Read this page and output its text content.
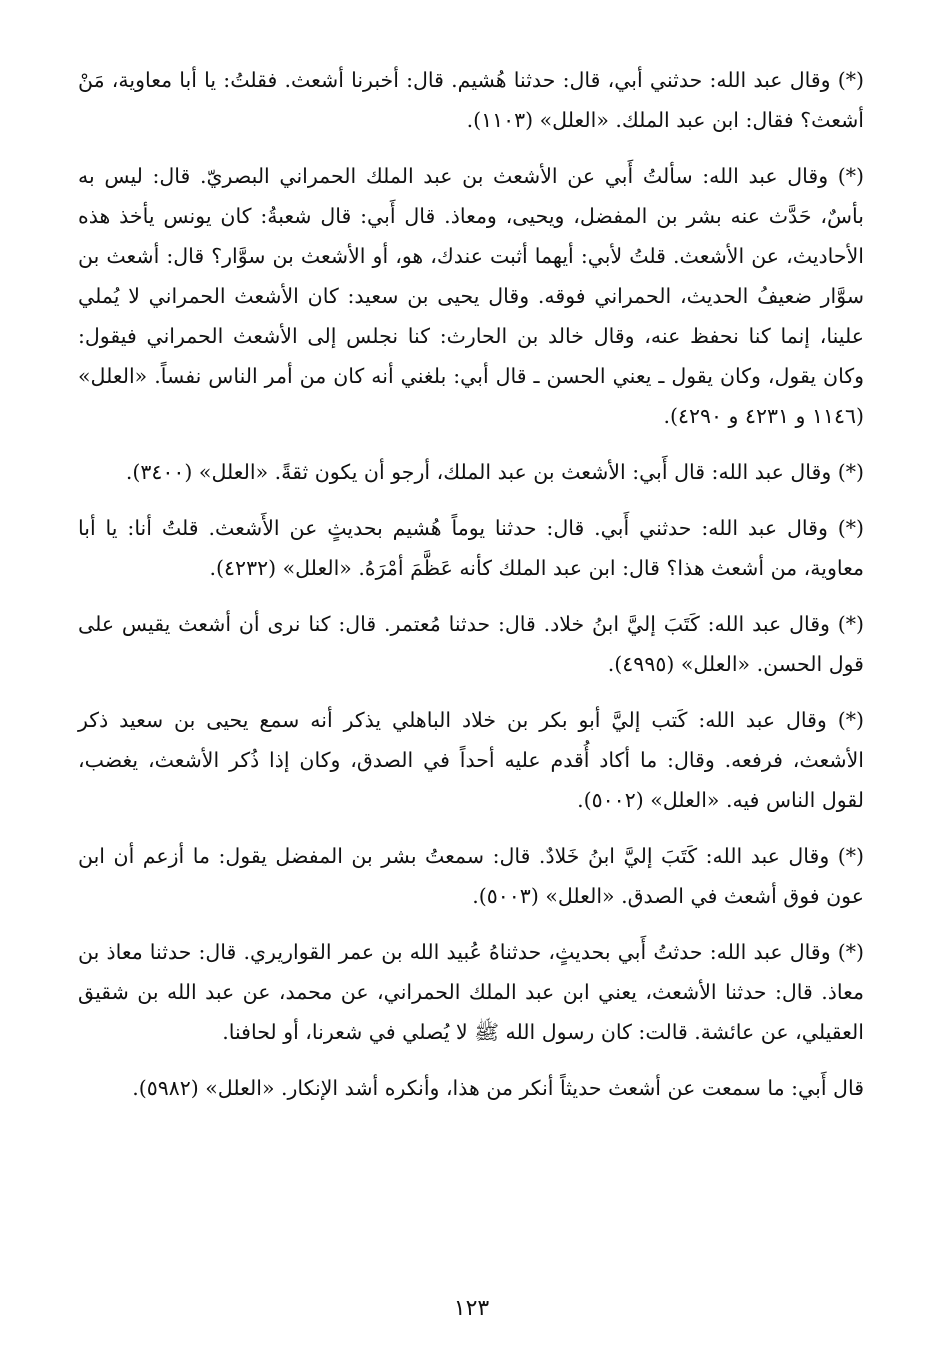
(*) وقال عبد الله: حدثني أبي، قال: حدثنا هُشيم. قال: أخبرنا أشعث. فقلتُ: يا أبا معاوية، مَنْ أشعث؟ فقال: ابن عبد الملك. «العلل» (١١٠٣).

(*) وقال عبد الله: سألتُ أَبي عن الأشعث بن عبد الملك الحمراني البصريّ. قال: ليس به بأسٌ، حَدَّث عنه بشر بن المفضل، ويحيى، ومعاذ. قال أَبي: قال شعبةُ: كان يونس يأخذ هذه الأحاديث، عن الأشعث. قلتُ لأبي: أيهما أثبت عندك، هو، أو الأشعث بن سوَّار؟ قال: أشعث بن سوَّار ضعيفُ الحديث، الحمراني فوقه. وقال يحيى بن سعيد: كان الأشعث الحمراني لا يُملي علينا، إنما كنا نحفظ عنه، وقال خالد بن الحارث: كنا نجلس إلى الأشعث الحمراني فيقول: وكان يقول، وكان يقول ـ يعني الحسن ـ قال أبي: بلغني أنه كان من أمر الناس نفساً. «العلل» (١١٤٦ و ٤٢٣١ و ٤٢٩٠).

(*) وقال عبد الله: قال أَبي: الأشعث بن عبد الملك، أرجو أن يكون ثقةً. «العلل» (٣٤٠٠).

(*) وقال عبد الله: حدثني أَبي. قال: حدثنا يوماً هُشيم بحديثٍ عن الأَشعث. قلتُ أنا: يا أبا معاوية، من أشعث هذا؟ قال: ابن عبد الملك كأنه عَظَّمَ أمْرَهُ. «العلل» (٤٢٣٢).

(*) وقال عبد الله: كَتَبَ إليَّ ابنُ خلاد. قال: حدثنا مُعتمر. قال: كنا نرى أن أشعث يقيس على قول الحسن. «العلل» (٤٩٩٥).

(*) وقال عبد الله: كَتب إليَّ أبو بكر بن خلاد الباهلي يذكر أنه سمع يحيى بن سعيد ذكر الأشعث، فرفعه. وقال: ما أكاد أُقدم عليه أحداً في الصدق، وكان إذا ذُكر الأشعث، يغضب، لقول الناس فيه. «العلل» (٥٠٠٢).

(*) وقال عبد الله: كَتَبَ إليَّ ابنُ خَلادٌ. قال: سمعتُ بشر بن المفضل يقول: ما أزعم أن ابن عون فوق أشعث في الصدق. «العلل» (٥٠٠٣).

(*) وقال عبد الله: حدثتُ أَبي بحديثٍ، حدثناهُ عُبيد الله بن عمر القواريري. قال: حدثنا معاذ بن معاذ. قال: حدثنا الأشعث، يعني ابن عبد الملك الحمراني، عن محمد، عن عبد الله بن شقيق العقيلي، عن عائشة. قالت: كان رسول الله ﷺ لا يُصلي في شعرنا، أو لحافنا.

قال أَبي: ما سمعت عن أشعث حديثاً أنكر من هذا، وأنكره أشد الإنكار. «العلل» (٥٩٨٢).

١٢٣
